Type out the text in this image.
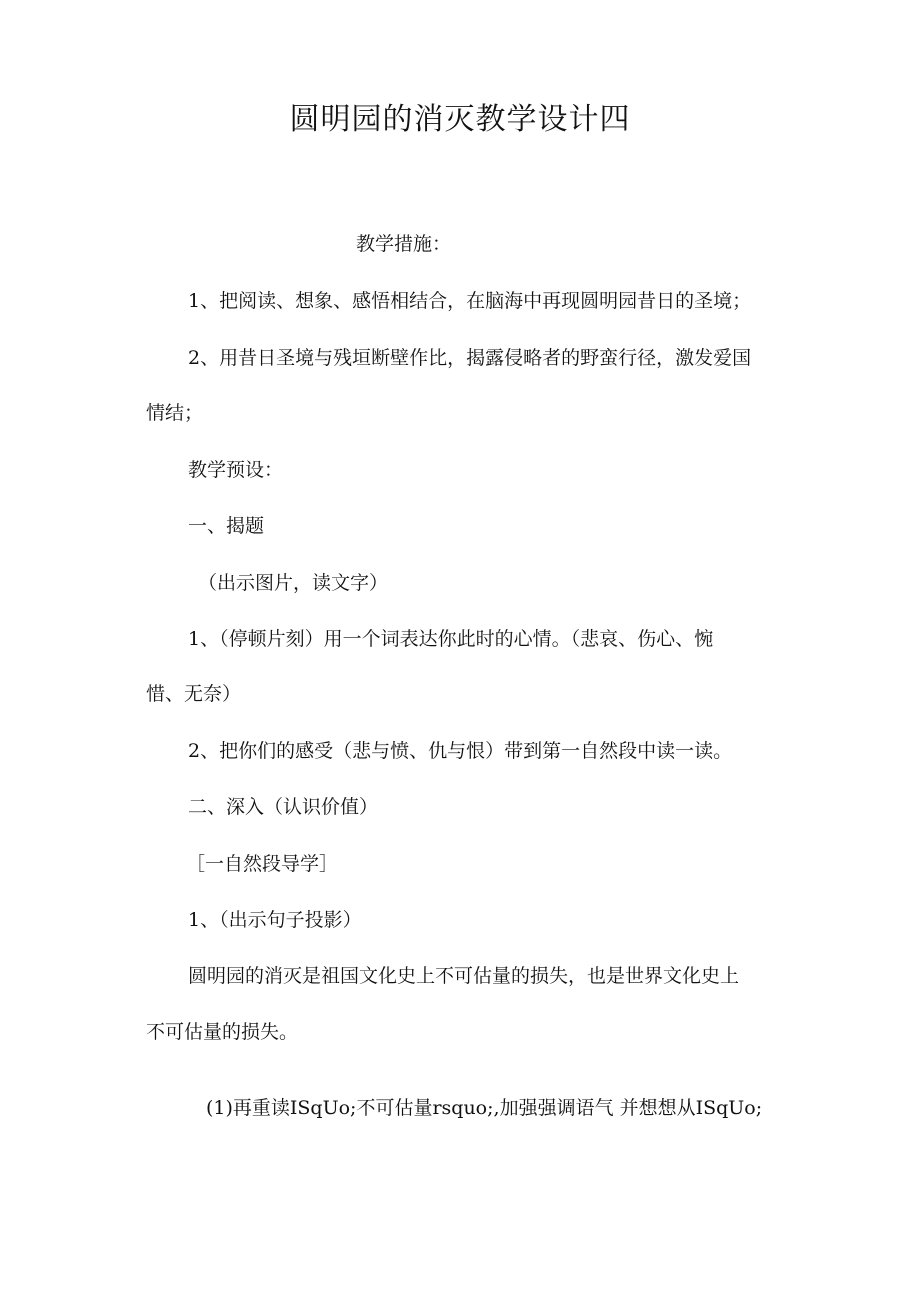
圆明园的消灭教学设计四
教学措施：
1、把阅读、想象、感悟相结合，在脑海中再现圆明园昔日的圣境；
2、用昔日圣境与残垣断壁作比，揭露侵略者的野蛮行径，激发爱国
情结；
教学预设：
一、揭题
（出示图片，读文字）
1、（停顿片刻）用一个词表达你此时的心情。（悲哀、伤心、惋
惜、无奈）
2、把你们的感受（悲与愤、仇与恨）带到第一自然段中读一读。
二、深入（认识价值）
［一自然段导学］
1、（出示句子投影）
圆明园的消灭是祖国文化史上不可估量的损失，也是世界文化史上
不可估量的损失。
(1)再重读ISqUo;不可估量rsquo;,加强强调语气 并想想从ISqUo;
